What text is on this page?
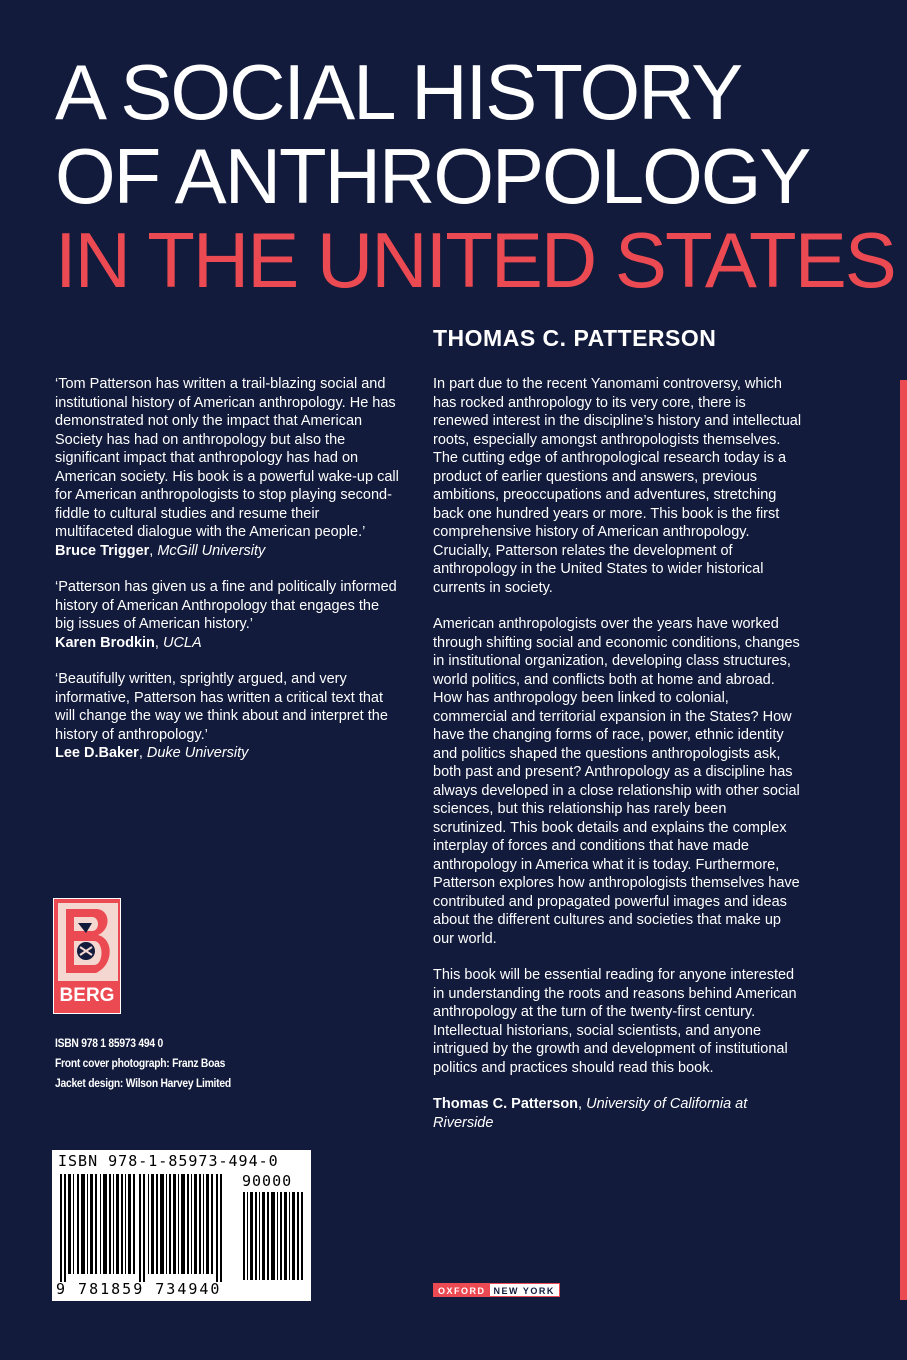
A SOCIAL HISTORY
OF ANTHROPOLOGY
IN THE UNITED STATES
THOMAS C. PATTERSON
‘Tom Patterson has written a trail-blazing social and institutional history of American anthropology. He has demonstrated not only the impact that American Society has had on anthropology but also the significant impact that anthropology has had on American society. His book is a powerful wake-up call for American anthropologists to stop playing second-fiddle to cultural studies and resume their multifaceted dialogue with the American people.’
Bruce Trigger, McGill University
‘Patterson has given us a fine and politically informed history of American Anthropology that engages the big issues of American history.’
Karen Brodkin, UCLA
‘Beautifully written, sprightly argued, and very informative, Patterson has written a critical text that will change the way we think about and interpret the history of anthropology.’
Lee D.Baker, Duke University

In part due to the recent Yanomami controversy, which has rocked anthropology to its very core, there is renewed interest in the discipline’s history and intellectual roots, especially amongst anthropologists themselves. The cutting edge of anthropological research today is a product of earlier questions and answers, previous ambitions, preoccupations and adventures, stretching back one hundred years or more. This book is the first comprehensive history of American anthropology. Crucially, Patterson relates the development of anthropology in the United States to wider historical currents in society.

American anthropologists over the years have worked through shifting social and economic conditions, changes in institutional organization, developing class structures, world politics, and conflicts both at home and abroad. How has anthropology been linked to colonial, commercial and territorial expansion in the States? How have the changing forms of race, power, ethnic identity and politics shaped the questions anthropologists ask, both past and present? Anthropology as a discipline has always developed in a close relationship with other social sciences, but this relationship has rarely been scrutinized. This book details and explains the complex interplay of forces and conditions that have made anthropology in America what it is today. Furthermore, Patterson explores how anthropologists themselves have contributed and propagated powerful images and ideas about the different cultures and societies that make up our world.

This book will be essential reading for anyone interested in understanding the roots and reasons behind American anthropology at the turn of the twenty-first century. Intellectual historians, social scientists, and anyone intrigued by the growth and development of institutional politics and practices should read this book.

Thomas C. Patterson, University of California at Riverside

BERG
ISBN 978 1 85973 494 0
Front cover photograph: Franz Boas
Jacket design: Wilson Harvey Limited
ISBN 978-1-85973-494-0
90000
9 781859 734940	OXFORD NEW YORK
